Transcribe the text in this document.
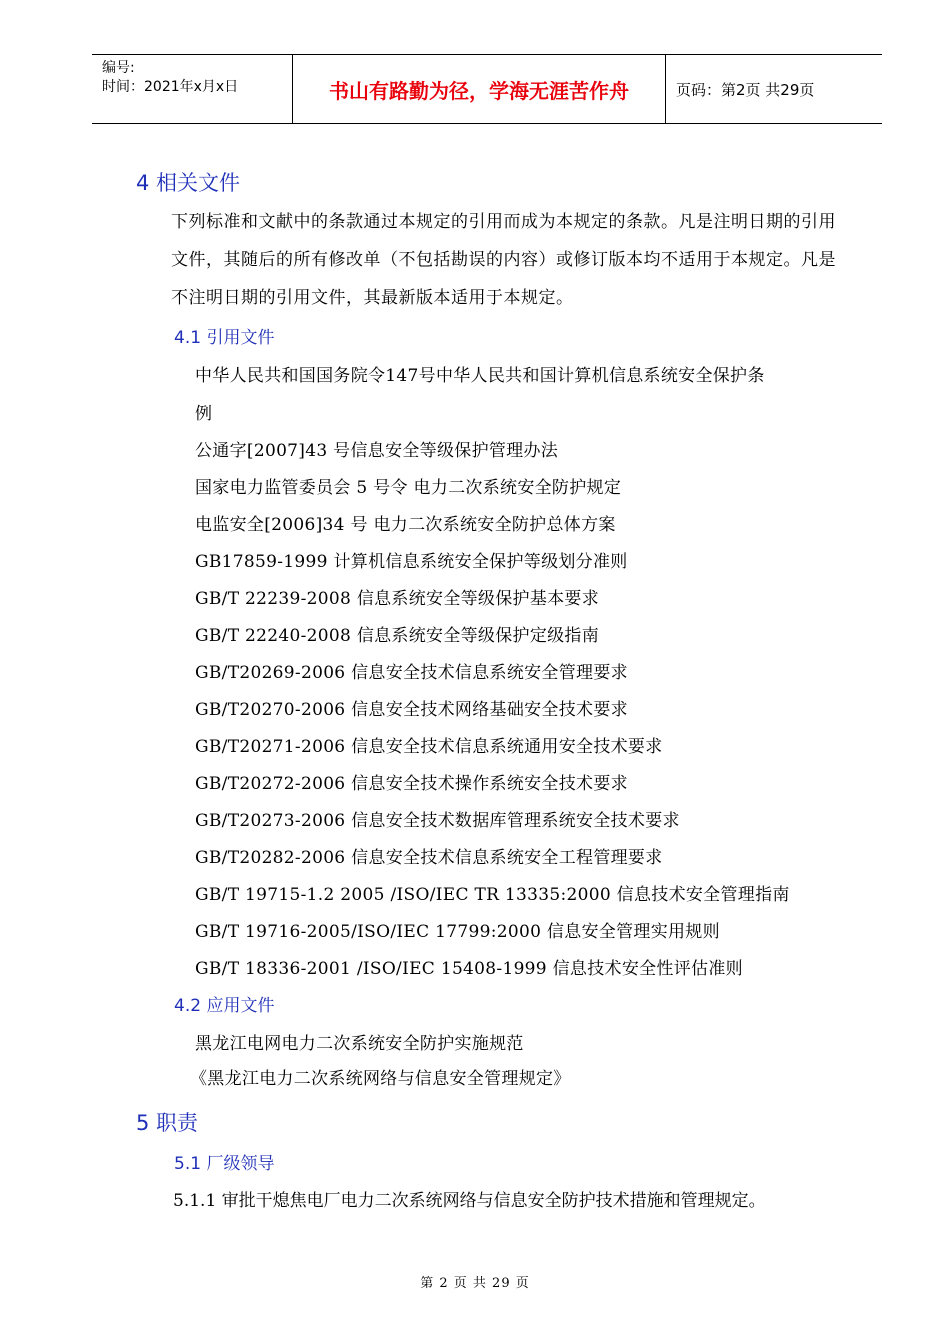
编号:
时间：2021年x月x日	书山有路勤为径，学海无涯苦作舟	页码：第2页 共29页
4 相关文件
下列标准和文献中的条款通过本规定的引用而成为本规定的条款。凡是注明日期的引用文件，其随后的所有修改单（不包括勘误的内容）或修订版本均不适用于本规定。凡是不注明日期的引用文件，其最新版本适用于本规定。
4.1 引用文件
中华人民共和国国务院令147号中华人民共和国计算机信息系统安全保护条
例
公通字[2007]43 号信息安全等级保护管理办法
国家电力监管委员会 5 号令 电力二次系统安全防护规定
电监安全[2006]34 号 电力二次系统安全防护总体方案
GB17859-1999 计算机信息系统安全保护等级划分准则
GB/T 22239-2008 信息系统安全等级保护基本要求
GB/T 22240-2008 信息系统安全等级保护定级指南
GB/T20269-2006 信息安全技术信息系统安全管理要求
GB/T20270-2006 信息安全技术网络基础安全技术要求
GB/T20271-2006 信息安全技术信息系统通用安全技术要求
GB/T20272-2006 信息安全技术操作系统安全技术要求
GB/T20273-2006 信息安全技术数据库管理系统安全技术要求
GB/T20282-2006 信息安全技术信息系统安全工程管理要求
GB/T 19715-1.2 2005 /ISO/IEC TR 13335:2000 信息技术安全管理指南
GB/T 19716-2005/ISO/IEC 17799:2000 信息安全管理实用规则
GB/T 18336-2001 /ISO/IEC 15408-1999 信息技术安全性评估准则
4.2 应用文件
黑龙江电网电力二次系统安全防护实施规范
《黑龙江电力二次系统网络与信息安全管理规定》
5 职责
5.1 厂级领导
5.1.1 审批干熄焦电厂电力二次系统网络与信息安全防护技术措施和管理规定。
第 2 页 共 29 页
